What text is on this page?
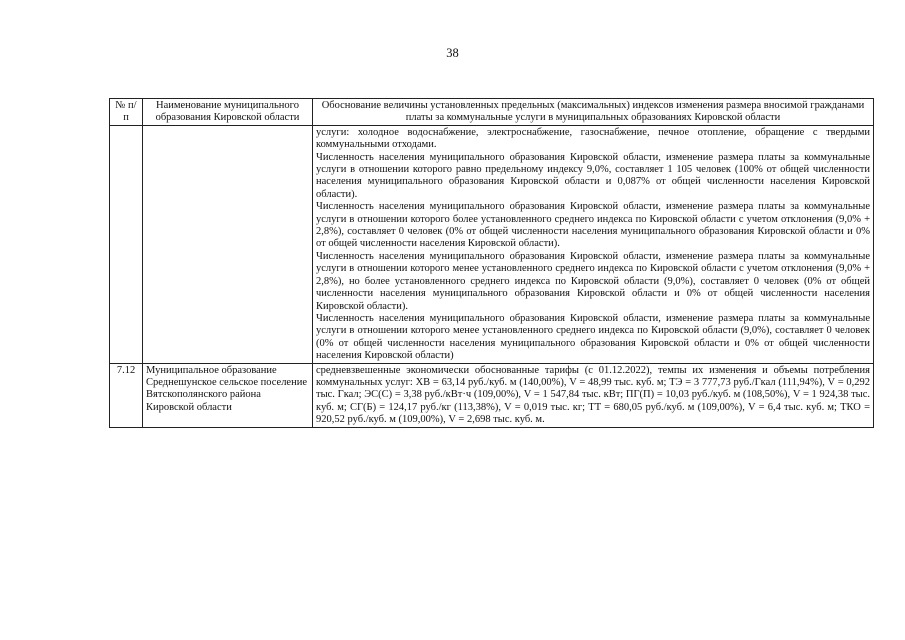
38
№ п/п	Наименование муниципального образования Кировской области	Обоснование величины установленных предельных (максимальных) индексов изменения размера вносимой гражданами платы за коммунальные услуги в муниципальных образованиях Кировской области

		услуги: холодное водоснабжение, электроснабжение, газоснабжение, печное отопление, обращение с твердыми коммунальными отходами.

Численность населения муниципального образования Кировской области, изменение размера платы за коммунальные услуги в отношении которого равно предельному индексу 9,0%, составляет 1 105 человек (100% от общей численности населения муниципального образования Кировской области и 0,087% от общей численности населения Кировской области).

Численность населения муниципального образования Кировской области, изменение размера платы за коммунальные услуги в отношении которого более установленного среднего индекса по Кировской области с учетом отклонения (9,0% + 2,8%), составляет 0 человек (0% от общей численности населения муниципального образования Кировской области и 0% от общей численности населения Кировской области).

Численность населения муниципального образования Кировской области, изменение размера платы за коммунальные услуги в отношении которого менее установленного среднего индекса по Кировской области с учетом отклонения (9,0% + 2,8%), но более установленного среднего индекса по Кировской области (9,0%), составляет 0 человек (0% от общей численности населения муниципального образования Кировской области и 0% от общей численности населения Кировской области).

Численность населения муниципального образования Кировской области, изменение размера платы за коммунальные услуги в отношении которого менее установленного среднего индекса по Кировской области (9,0%), составляет 0 человек (0% от общей численности населения муниципального образования Кировской области и 0% от общей численности населения Кировской области)

7.12	Муниципальное образование Среднешунское сельское поселение Вятскополянского района Кировской области	средневзвешенные экономически обоснованные тарифы (с 01.12.2022), темпы их изменения и объемы потребления коммунальных услуг: ХВ = 63,14 руб./куб. м (140,00%), V = 48,99 тыс. куб. м; ТЭ = 3 777,73 руб./Гкал (111,94%), V = 0,292 тыс. Гкал; ЭС(С) = 3,38 руб./кВт·ч (109,00%), V = 1 547,84 тыс. кВт; ПГ(П) = 10,03 руб./куб. м (108,50%), V = 1 924,38 тыс. куб. м; СГ(Б) = 124,17 руб./кг (113,38%), V = 0,019 тыс. кг; ТТ = 680,05 руб./куб. м (109,00%), V = 6,4 тыс. куб. м; ТКО = 920,52 руб./куб. м (109,00%), V = 2,698 тыс. куб. м.
